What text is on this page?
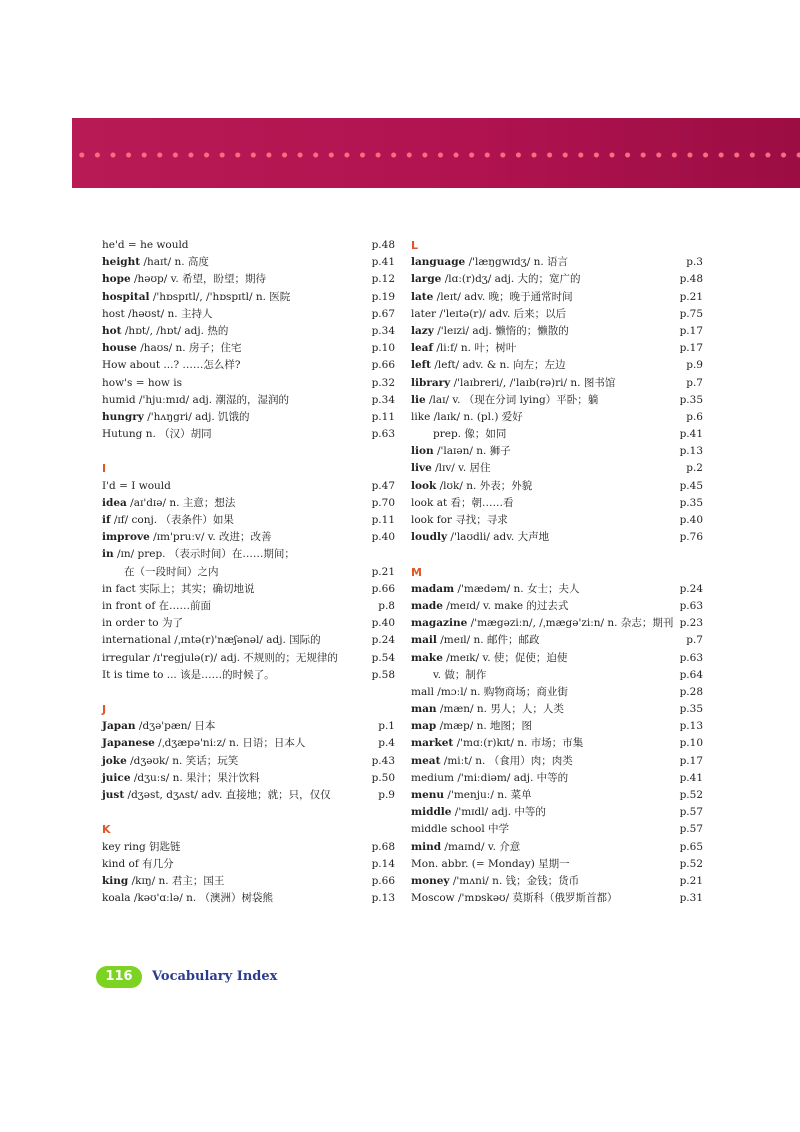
he'd = he would	p.48
height /haɪt/ n. 高度	p.41
hope /həʊp/ v. 希望，盼望；期待	p.12
hospital /'hɒspɪtl/, /'hɒspɪtl/ n. 医院	p.19
host /həʊst/ n. 主持人	p.67
hot /hɒt/, /hɒt/ adj. 热的	p.34
house /haʊs/ n. 房子；住宅	p.10
How about ...? ……怎么样?	p.66
how's = how is	p.32
humid /'hjuːmɪd/ adj. 潮湿的，湿润的	p.34
hungry /'hʌŋgri/ adj. 饥饿的	p.11
Hutung n. （汉）胡同	p.63
I
I'd = I would	p.47
idea /aɪ'dɪə/ n. 主意；想法	p.70
if /ɪf/ conj. （表条件）如果	p.11
improve /ɪm'pruːv/ v. 改进；改善	p.40
in /ɪn/ prep. （表示时间）在……期间；
在（一段时间）之内	p.21
in fact 实际上；其实；确切地说	p.66
in front of 在……前面	p.8
in order to 为了	p.40
international /ˌɪntə(r)'næʃənəl/ adj. 国际的	p.24
irregular /ɪ'regjulə(r)/ adj. 不规则的；无规律的	p.54
It is time to ... 该是……的时候了。	p.58
J
Japan /dʒə'pæn/ 日本	p.1
Japanese /ˌdʒæpə'niːz/ n. 日语；日本人	p.4
joke /dʒəʊk/ n. 笑话；玩笑	p.43
juice /dʒuːs/ n. 果汁；果汁饮料	p.50
just /dʒəst, dʒʌst/ adv. 直接地；就；只，仅仅	p.9
K
key ring 钥匙链	p.68
kind of 有几分	p.14
king /kɪŋ/ n. 君主；国王	p.66
koala /kəʊ'ɑːlə/ n. （澳洲）树袋熊	p.13
L
language /'læŋgwɪdʒ/ n. 语言	p.3
large /lɑː(r)dʒ/ adj. 大的；宽广的	p.48
late /leɪt/ adv. 晚；晚于通常时间	p.21
later /'leɪtə(r)/ adv. 后来；以后	p.75
lazy /'leɪzi/ adj. 懒惰的；懒散的	p.17
leaf /liːf/ n. 叶；树叶	p.17
left /left/ adv. & n. 向左；左边	p.9
library /'laɪbreri/, /'laɪb(rə)ri/ n. 图书馆	p.7
lie /laɪ/ v. （现在分词 lying）平卧；躺	p.35
like /laɪk/ n. (pl.) 爱好	p.6
prep. 像；如同	p.41
lion /'laɪən/ n. 狮子	p.13
live /lɪv/ v. 居住	p.2
look /lʊk/ n. 外表；外貌	p.45
look at 看；朝……看	p.35
look for 寻找；寻求	p.40
loudly /'laʊdli/ adv. 大声地	p.76
M
madam /'mædəm/ n. 女士；夫人	p.24
made /meɪd/ v. make 的过去式	p.63
magazine /'mægəziːn/, /ˌmægə'ziːn/ n. 杂志；期刊 p.23
mail /meɪl/ n. 邮件；邮政	p.7
make /meɪk/ v. 使；促使；迫使	p.63
v. 做；制作	p.64
mall /mɔːl/ n. 购物商场；商业街	p.28
man /mæn/ n. 男人；人；人类	p.35
map /mæp/ n. 地图；图	p.13
market /'mɑː(r)kɪt/ n. 市场；市集	p.10
meat /miːt/ n. （食用）肉；肉类	p.17
medium /'miːdiəm/ adj. 中等的	p.41
menu /'menjuː/ n. 菜单	p.52
middle /'mɪdl/ adj. 中等的	p.57
middle school 中学	p.57
mind /maɪnd/ v. 介意	p.65
Mon. abbr. (= Monday) 星期一	p.52
money /'mʌni/ n. 钱；金钱；货币	p.21
Moscow /'mɒskəʊ/ 莫斯科（俄罗斯首都）	p.31
116	Vocabulary Index
